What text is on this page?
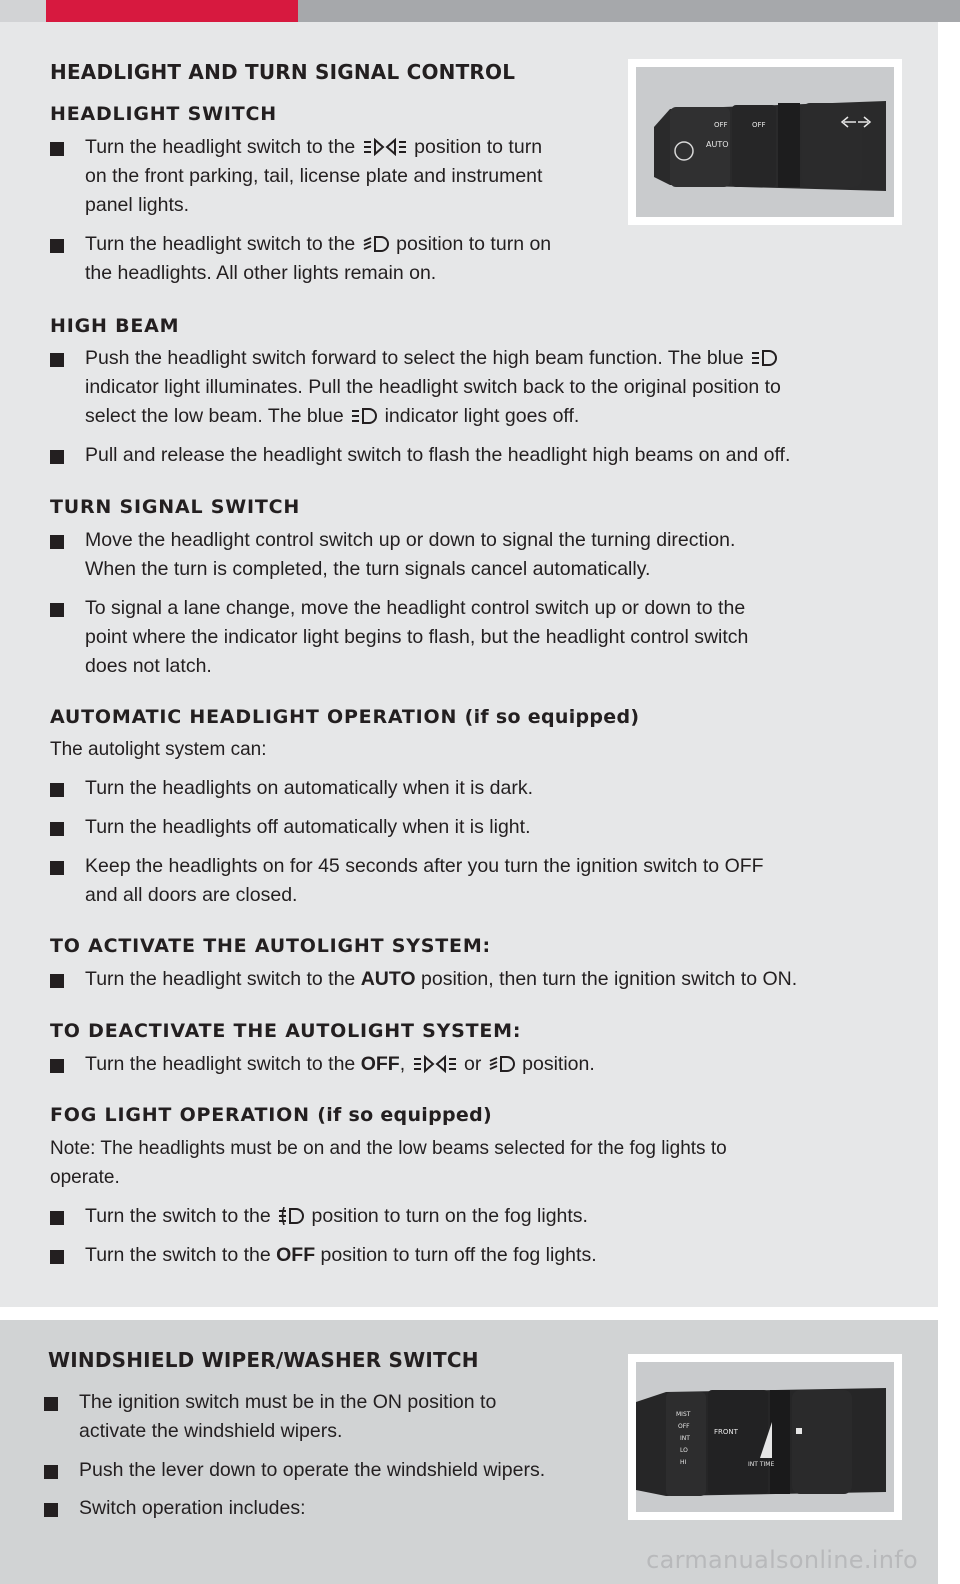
HEADLIGHT AND TURN SIGNAL CONTROL
OFF	OFF
AUTO
HEADLIGHT SWITCH
Turn the headlight switch to the	position to turn
on the front parking, tail, license plate and instrument
panel lights.
Turn the headlight switch to the position to turn on
the headlights. All other lights remain on.
HIGH BEAM
Push the headlight switch forward to select the high beam function. The blue
indicator light illuminates. Pull the headlight switch back to the original position to
select the low beam. The blue indicator light goes off.
Pull and release the headlight switch to flash the headlight high beams on and off.
TURN SIGNAL SWITCH
Move the headlight control switch up or down to signal the turning direction.
When the turn is completed, the turn signals cancel automatically.
To signal a lane change, move the headlight control switch up or down to the
point where the indicator light begins to flash, but the headlight control switch
does not latch.
AUTOMATIC HEADLIGHT OPERATION (if so equipped)
The autolight system can:
Turn the headlights on automatically when it is dark.
Turn the headlights off automatically when it is light.
Keep the headlights on for 45 seconds after you turn the ignition switch to OFF
and all doors are closed.
TO ACTIVATE THE AUTOLIGHT SYSTEM:
Turn the headlight switch to the AUTO position, then turn the ignition switch to ON.
TO DEACTIVATE THE AUTOLIGHT SYSTEM:
Turn the headlight switch to the OFF,	or position.
FOG LIGHT OPERATION (if so equipped)
Note: The headlights must be on and the low beams selected for the fog lights to
operate.
Turn the switch to the position to turn on the fog lights.
Turn the switch to the OFF position to turn off the fog lights.
WINDSHIELD WIPER/WASHER SWITCH
The ignition switch must be in the ON position to
activate the windshield wipers.
Push the lever down to operate the windshield wipers.
Switch operation includes:
MIST
OFF
INT
LO
HI
FRONT
INT TIME
carmanualsonline.info
